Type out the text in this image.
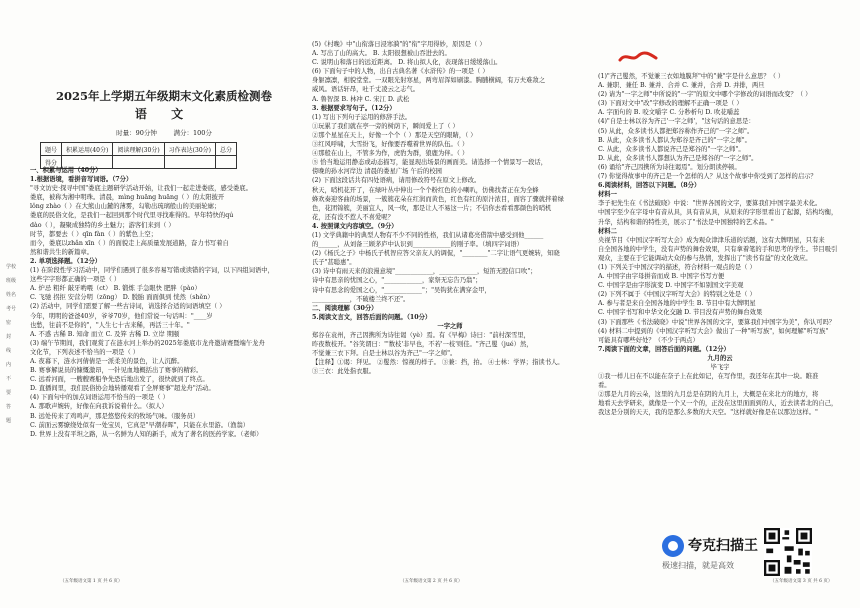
学校 班级 姓名 考号 密 封 线 内 不 要 答 题
2025年上学期五年级期末文化素质检测卷
语 文
时量：90分钟	满分：100分
题号	积累运用(40分)	阅读理解(30分)	习作表达(30分)	总分
得分				

一、积累与运用（40分）

1.根据语境，看拼音写词语。（7分）

"寻文访史·探寻中国"娄底主题研学活动开始，让我们一起走进娄底，感受娄底。

娄底，被称为湘中明珠。清晨，mìng huāng huāng（ ）的太阳披开

lǒng zhào（ ）在大熊山山麓的薄雾，勾勒出琉璃般山的美丽轮廓；

娄底的民俗文化，是我们一起回到那个时代里寻找难得的。早年特快的qú

dào（ ），凝聚成独特的乡土魅力；游客们来到（ ）

时节，都要去（ ）qīn fàn（ ）的紫色上空；

而今，娄底以zhǎn xīn（ ）的面貌走上高质量发展道路，奋力书写着自

然和谐共生的新篇章。

2. 单项选择题。（12分）

(1) 在阶段性学习活动中，同学们遇到了很多容易写错或读错的字词，以下四组词语中，

这些字字形都正确的一项是（ ）

A. 炉忌 粗纤 敲牙哟喂（ct） B. 锻炼 手急眼快 肥胖（pào）

C. 飞驰 拐拒 安营分明（zōng） D. 脱胎 面面俱到 恍然（shěn）

(2) 活动中，同学们需要了解一些古诗词，请选择合适的词语填空（ ）

今年，明明的爸爸40岁，爷爷70岁，他们常说一句话叫："____岁

也愁，往前不是你的"，"人生七十古来稀，再活三十年。"

A. 不惑 古稀 B. 知命 而立 C. 及笄 古稀 D. 立岸 期颐

(3) 端午节期间，我们观赏了在涟水河上举办的2025年娄底市龙舟邀请赛暨端午龙舟

文化节，下列表述不恰当的一项是（ ）

A. 夜幕下，涟水河倩倩是一派柔美的景色，让人沉醉。

B. 赛事解说员的慷慨激昂，一针见血地概括出了赛事的精彩。

C. 远看河面，一艘艘赛船争先恐后地出发了，很快就到了终点。

D. 直播间里，我们民俗协会地转播观看了全屏赛事"超龙舟"活动。

(4) 下面句中的加点词语运用不恰当的一项是（ ）

A. 那歌声婉转，好像在向我诉说着什么。（拟人）

B. 远处传来了鸡鸣声，那是悠悠传来的牧场气味。（服务员）

C. 前面云雾缭绕处似有一处宝贝，它真是"早潮春晖"，只能在水里游。（渔翁）

D. 世界上没有平坦之路，从一名鲜为人知的新手，成为了著名的医药学家。（老师）

(5)《村晚》中"山衔落日浸寒漪"的"衔"字用得妙，原因是（ ）

A. 写出了山的高大。 B. 太阳很想被山吞进去的。

C. 说明山和落日的远近距离。 D. 将山拟人化，表现落日缓缓落山。

(6) 下面句子中的人物，出自古典名著《水浒传》的一项是（ ）

身躯凛凛，相貌堂堂。一双眼光射寒星，两弯眉浑如刷漆。胸脯横阔，有万夫难敌之

威风。语话轩昂，吐千丈凌云之志气。

A. 鲁智深 B. 林冲 C. 宋江 D. 武松

3. 根据要求写句子。（12分）

(1) 写出下列句子运用的修辞手法。

①玩累了我们就在亭一旁的树荫下，瞬间爱上了（ ）

②那个星星在天上，好像一个个（ ）那是天空的眼睛，（ ）

③红风呼啸，大雪纷飞，好像要吞噬着世界的队伍。（ ）

④那般在山上，不管多为作，虎豹为群，狼鹿为伴。（ ）

⑤ 恰当地运用静态或动态描写，能显现出场景的画面美。请选择一个情景写一段话，

傍晚的孙水河岸边 清晨的娄星广场 午后的校园

(2) 下面这段话共有四处语病，请用修改符号在原文上修改。

秋天，哨机花开了，在绿叶丛中伸出一个个粉红色的小喇叭，仿佛找者正在为全蜂

蜂欢奏迎客曲的场景，一簇簇花朵在红润而黄色，红色有红的原汁浓目，面容了骤就拌着绿

色，花团锦簇，美丽宜人，风一吹，那是让人不易这一片；不信你去看看那颜色的哨机

花，还有没不惹人不喜爱呢？

4. 按照课文内容填空。（9分）

(1) 文学典籍中的典型人物有不少不同的性格，我们从诸葛亮借箭中感受到他______

的______，从刘备三顾茅庐中认识到____________的刚子率。（填四字词语）

(2)《杨氏之子》中杨氏子机智应答父亲友人的调侃，"________"二字让语气更婉转，知晓

氏子"甚聪惠"。

(3) 诗中有雨天来的浪漫意境"____________，____________，短笛无腔信口吹"；

诗中有思亲的忧国之心，"____________，家祭无忘告乃翁"；

诗中有思念的爱国之心，"____________"；"吴钩犹在满穿金甲，

____________，不破楼兰终不还"。

二、阅读理解（30分）

5.阅读文言文，回答后面的问题。（10分）

一字之师

郑谷在袁州，齐己因携所为诗往谒（yè）焉。有《早梅》诗曰："前村深雪里，

昨夜数枝开。"谷笑谓曰："'数枝'非早也，不若'一枝'则佳。"齐己矍（jué）然，

不觉兼三衣下拜。自是士林以谷为齐己"一字之师"。

【注释】①谒：拜见。 ②矍然：惊视的样子。 ③兼：挡，拍。 ④士林：学界；指读书人。

③三衣：此处指衣服。

(1)"齐己矍然，不觉兼三衣如地膜拜"中的"兼"字是什么意思？（ ）

A. 兼职、兼任 B. 兼并、合并 C. 兼并，合并 D. 并排，两旦

(2) 请为"一字之师"中所说的"一字"的原文中哪个字修改的词语而改变？（ ）

(3) 下面对文中"改"字修改的理解不正确一项是（ ）

A. 字面句的 B. 咬文嚼字 C. 分秒析句 D. 吹花嚼蕊

(4)"自是士林以谷为齐己'一字之师'，"这句话的意思是：

(5) 从此，众多读书人都把郑谷称作齐己的"一字之师"。

B. 从此，众多读书人都认为郑谷是齐己的"一字之师"。

C. 从此，众多读书人都说齐己是郑谷的"一字之师"。

D. 从此，众多读书人都想认为齐己是郑谷的"一字之师"。

(6) 诵给"齐己因携所为诗往谒焉"。划分朗读停顿。

(7) 你觉得故事中的齐己是一个怎样的人？从这个故事中你受到了怎样的启示？

6.阅读材料，回答以下问题。（8分）

材料一

李子祀先生在《书法破晓》中说："世界各国的文字，要算我们中国字最美术化。

中国字至少在字母中有音从具，具有音从具，从原来的字形里看出了起源，结构均衡，

升华，结构和谐的特性美，展示了"书法是中国独特的艺术品。"

材料二

央视节目《中国汉字听写大会》成为观众津津乐道的话题，这有大牌明星，只有来

自全国各地的中学生，没有声势的舞台效果，只有拿着笔的手和思考的学生。节目吸引

观众，主要在于它能调动大众的参与热情，发挥出了"读书有益"的文化效应。

(1) 下列关于中国汉字的描述，符合材料一观点的是（ ）

A. 中国字由字母拼音而成 B. 中国字书写方便

C. 中国字是由字形演变 D. 中国字不如别国文字美观

(2) 下列不属于《中国汉字听写大会》的特别之处是（ ）

A. 参与者是来自全国各地的中学生 B. 节目中有大牌明星

C. 中国字书写和中华文化交融 D. 节目没有声势的舞台效果

(3) 下面那些《书法破晓》中说"世界各国的文字，要算我们中国字为美"，你认可吗？

(4) 材料二中提到的《中国汉字听写大会》做出了一种"听写族"，如何理解"听写族"

可能具有哪些好处？（不少于两点）

7.阅读下面的文章，回答后面的问题。（12分）

九月的云

毕飞宇

①我一样儿日在不以能在奈子上在此如记，在写作里，我还年在其中一块。睢准

看。

②那是九月的云朵，这里的九月总是在阴的九月上，大概是在来北方的地方，将

地看天去学研来，就像是一个又一个的，正没在这里面面到的人，近去读者北的自己，

我这是分别的天天，我的是那么多数的大天空。"这样就好像是在以那边这样。"

（五年级语文第 1 页 共 6 页）	（五年级语文第 2 页 共 6 页）	（五年级语文第 3 页 共 6 页）
夸克扫描王
极速扫描，就是高效
